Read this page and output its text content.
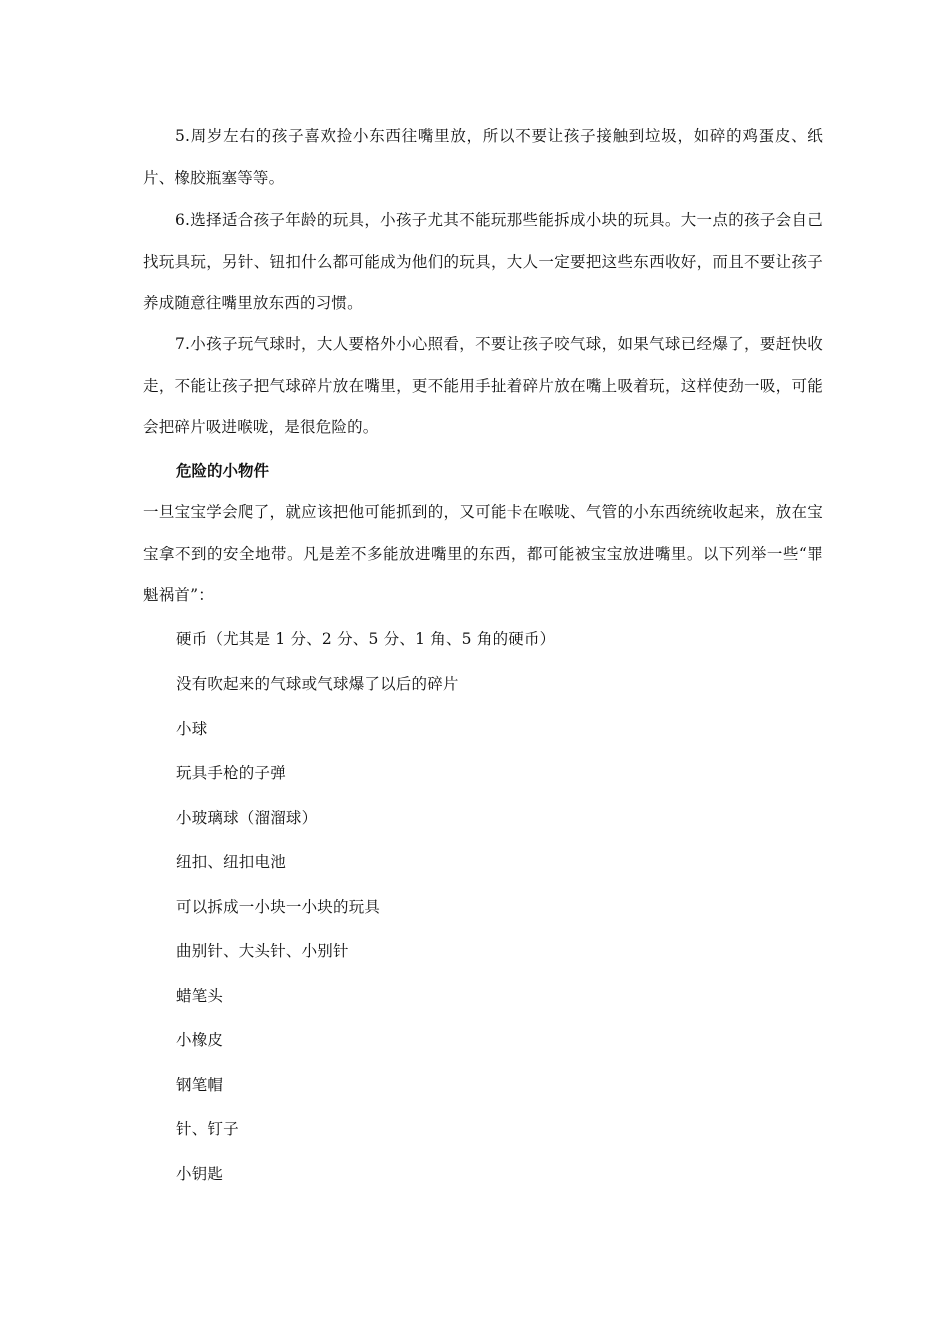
5.周岁左右的孩子喜欢捡小东西往嘴里放，所以不要让孩子接触到垃圾，如碎的鸡蛋皮、纸片、橡胶瓶塞等等。

6.选择适合孩子年龄的玩具，小孩子尤其不能玩那些能拆成小块的玩具。大一点的孩子会自己找玩具玩，另针、钮扣什么都可能成为他们的玩具，大人一定要把这些东西收好，而且不要让孩子养成随意往嘴里放东西的习惯。

7.小孩子玩气球时，大人要格外小心照看，不要让孩子咬气球，如果气球已经爆了，要赶快收走，不能让孩子把气球碎片放在嘴里，更不能用手扯着碎片放在嘴上吸着玩，这样使劲一吸，可能会把碎片吸进喉咙，是很危险的。

危险的小物件

一旦宝宝学会爬了，就应该把他可能抓到的，又可能卡在喉咙、气管的小东西统统收起来，放在宝宝拿不到的安全地带。凡是差不多能放进嘴里的东西，都可能被宝宝放进嘴里。以下列举一些“罪魁祸首”：

硬币（尤其是 1 分、2 分、5 分、1 角、5 角的硬币）

没有吹起来的气球或气球爆了以后的碎片

小球

玩具手枪的子弹

小玻璃球（溜溜球）

纽扣、纽扣电池

可以拆成一小块一小块的玩具

曲别针、大头针、小别针

蜡笔头

小橡皮

钢笔帽

针、钉子

小钥匙
